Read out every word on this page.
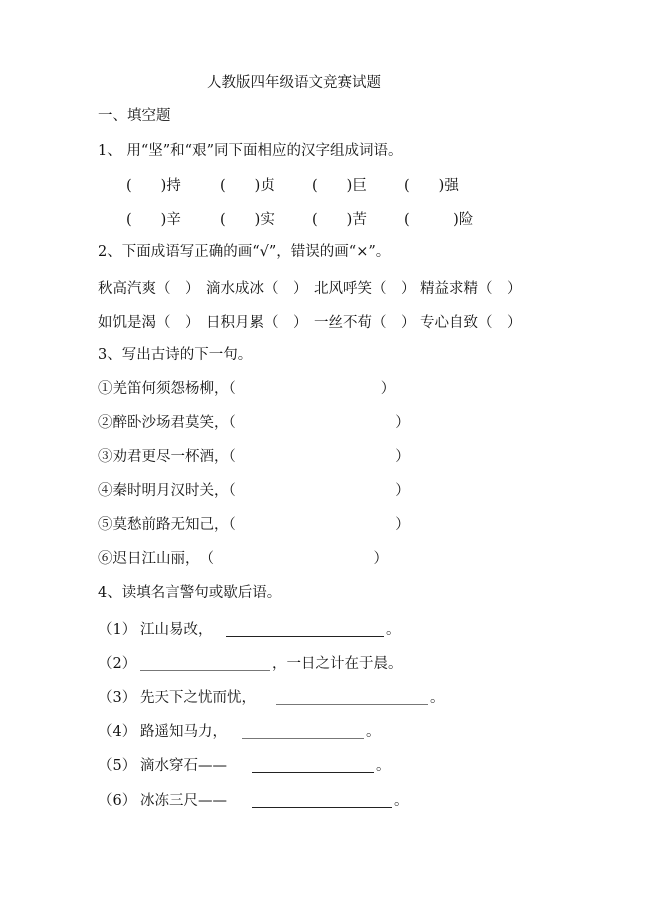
人教版四年级语文竞赛试题
一、填空题
1、 用“坚”和“艰”同下面相应的汉字组成词语。
(　　)持	(　　)贞	(　　)巨	(　　)强
(　　)辛	(　　)实	(　　)苦	(　　　)险
2、下面成语写正确的画“√”，错误的画“×”。
秋高汽爽（　） 滴水成冰（　） 北风呼笑（　） 精益求精（　）
如饥是渴（　） 日积月累（　） 一丝不荀（　） 专心自致（　）
3、写出古诗的下一句。
①羌笛何须怨杨柳，（　　　　　　　　　　）
②醉卧沙场君莫笑，（　　　　　　　　　　　）
③劝君更尽一杯酒，（　　　　　　　　　　　）
④秦时明月汉时关，（　　　　　　　　　　　）
⑤莫愁前路无知己，（　　　　　　　　　　　）
⑥迟日江山丽，　（　　　　　　　　　　　）
4、读填名言警句或歇后语。
（1） 江山易改，	。
（2）	，一日之计在于晨。
（3） 先天下之忧而忧，	。
（4） 路遥知马力，	。
（5） 滴水穿石——	。
（6） 冰冻三尺——	。
